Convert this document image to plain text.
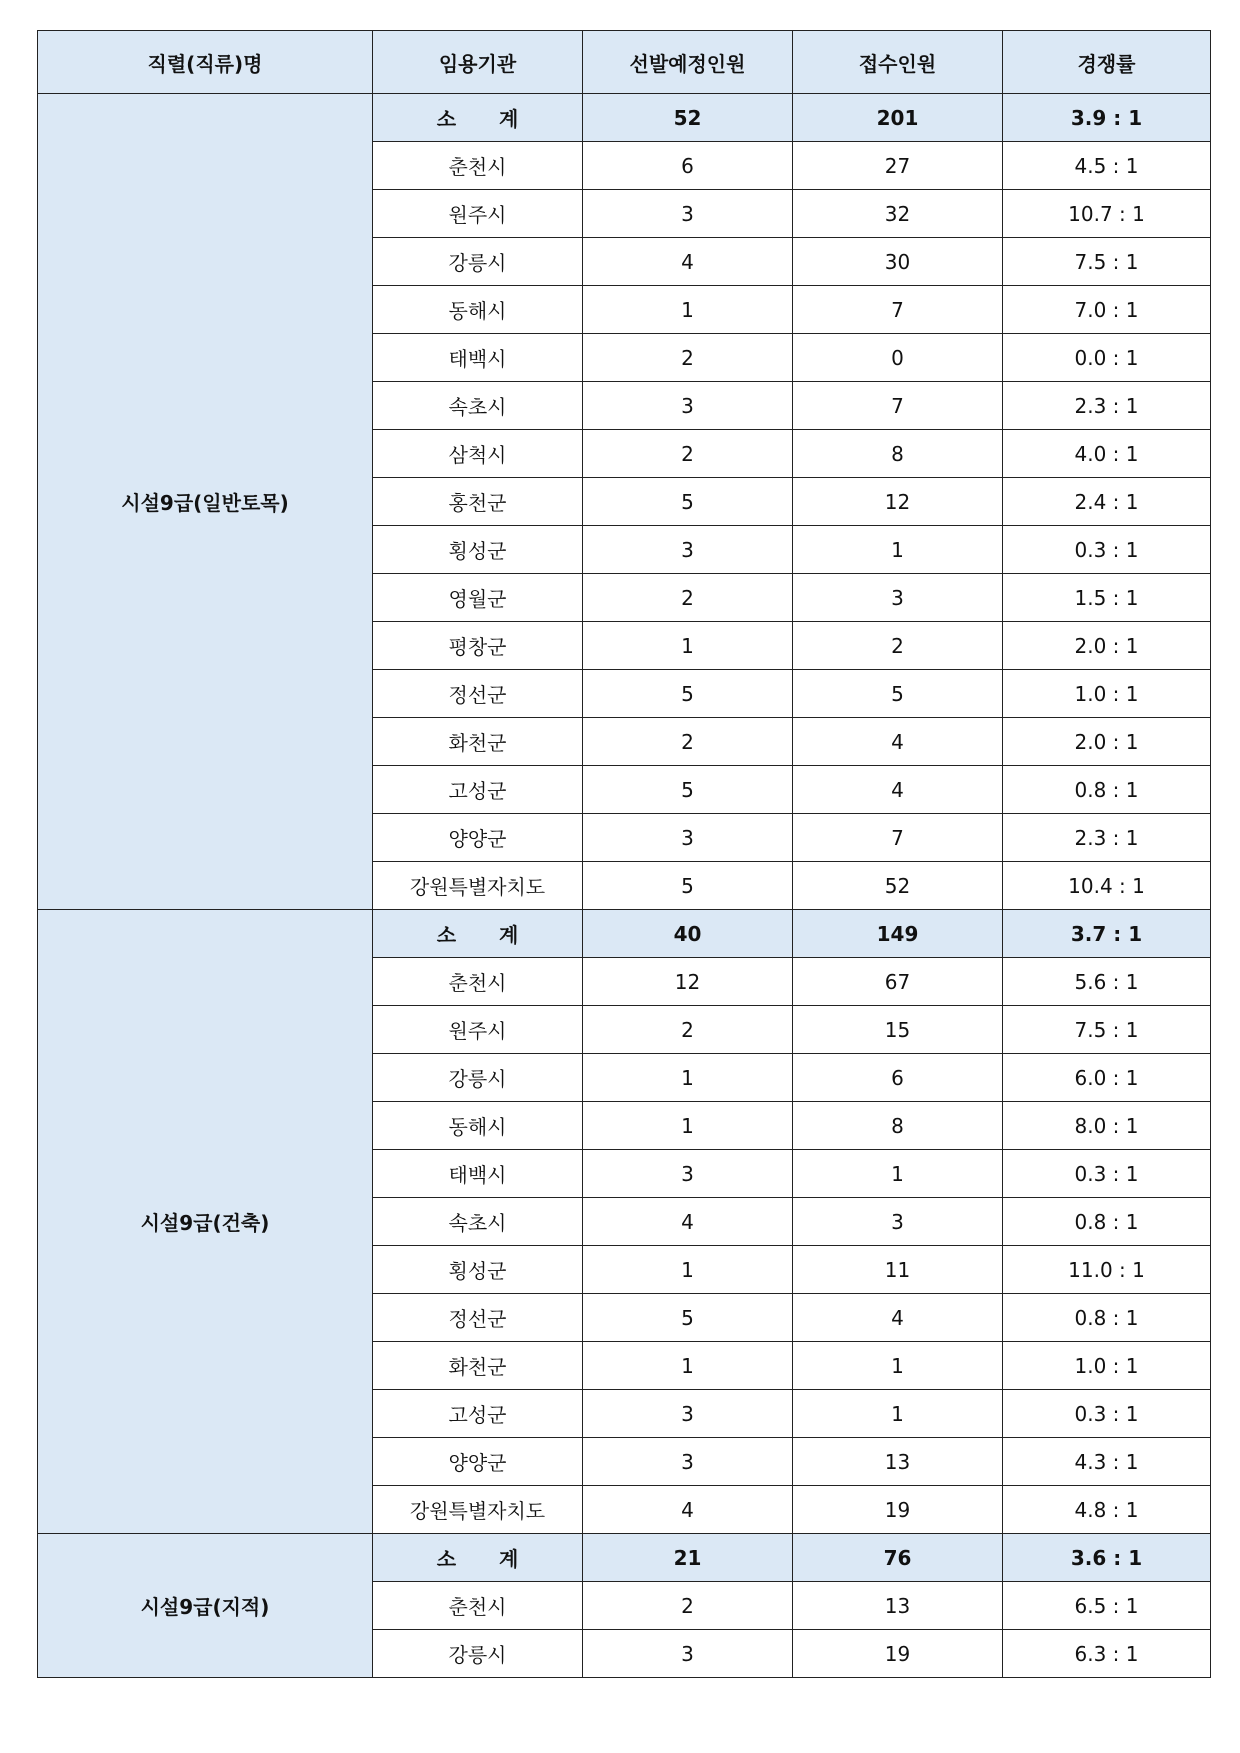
직렬(직류)명	임용기관	선발예정인원	접수인원	경쟁률
시설9급(일반토목)	소 계	52	201	3.9 : 1
	춘천시	6	27	4.5 : 1
	원주시	3	32	10.7 : 1
	강릉시	4	30	7.5 : 1
	동해시	1	7	7.0 : 1
	태백시	2	0	0.0 : 1
	속초시	3	7	2.3 : 1
	삼척시	2	8	4.0 : 1
	홍천군	5	12	2.4 : 1
	횡성군	3	1	0.3 : 1
	영월군	2	3	1.5 : 1
	평창군	1	2	2.0 : 1
	정선군	5	5	1.0 : 1
	화천군	2	4	2.0 : 1
	고성군	5	4	0.8 : 1
	양양군	3	7	2.3 : 1
	강원특별자치도	5	52	10.4 : 1
시설9급(건축)	소 계	40	149	3.7 : 1
	춘천시	12	67	5.6 : 1
	원주시	2	15	7.5 : 1
	강릉시	1	6	6.0 : 1
	동해시	1	8	8.0 : 1
	태백시	3	1	0.3 : 1
	속초시	4	3	0.8 : 1
	횡성군	1	11	11.0 : 1
	정선군	5	4	0.8 : 1
	화천군	1	1	1.0 : 1
	고성군	3	1	0.3 : 1
	양양군	3	13	4.3 : 1
	강원특별자치도	4	19	4.8 : 1
시설9급(지적)	소 계	21	76	3.6 : 1
	춘천시	2	13	6.5 : 1
	강릉시	3	19	6.3 : 1
